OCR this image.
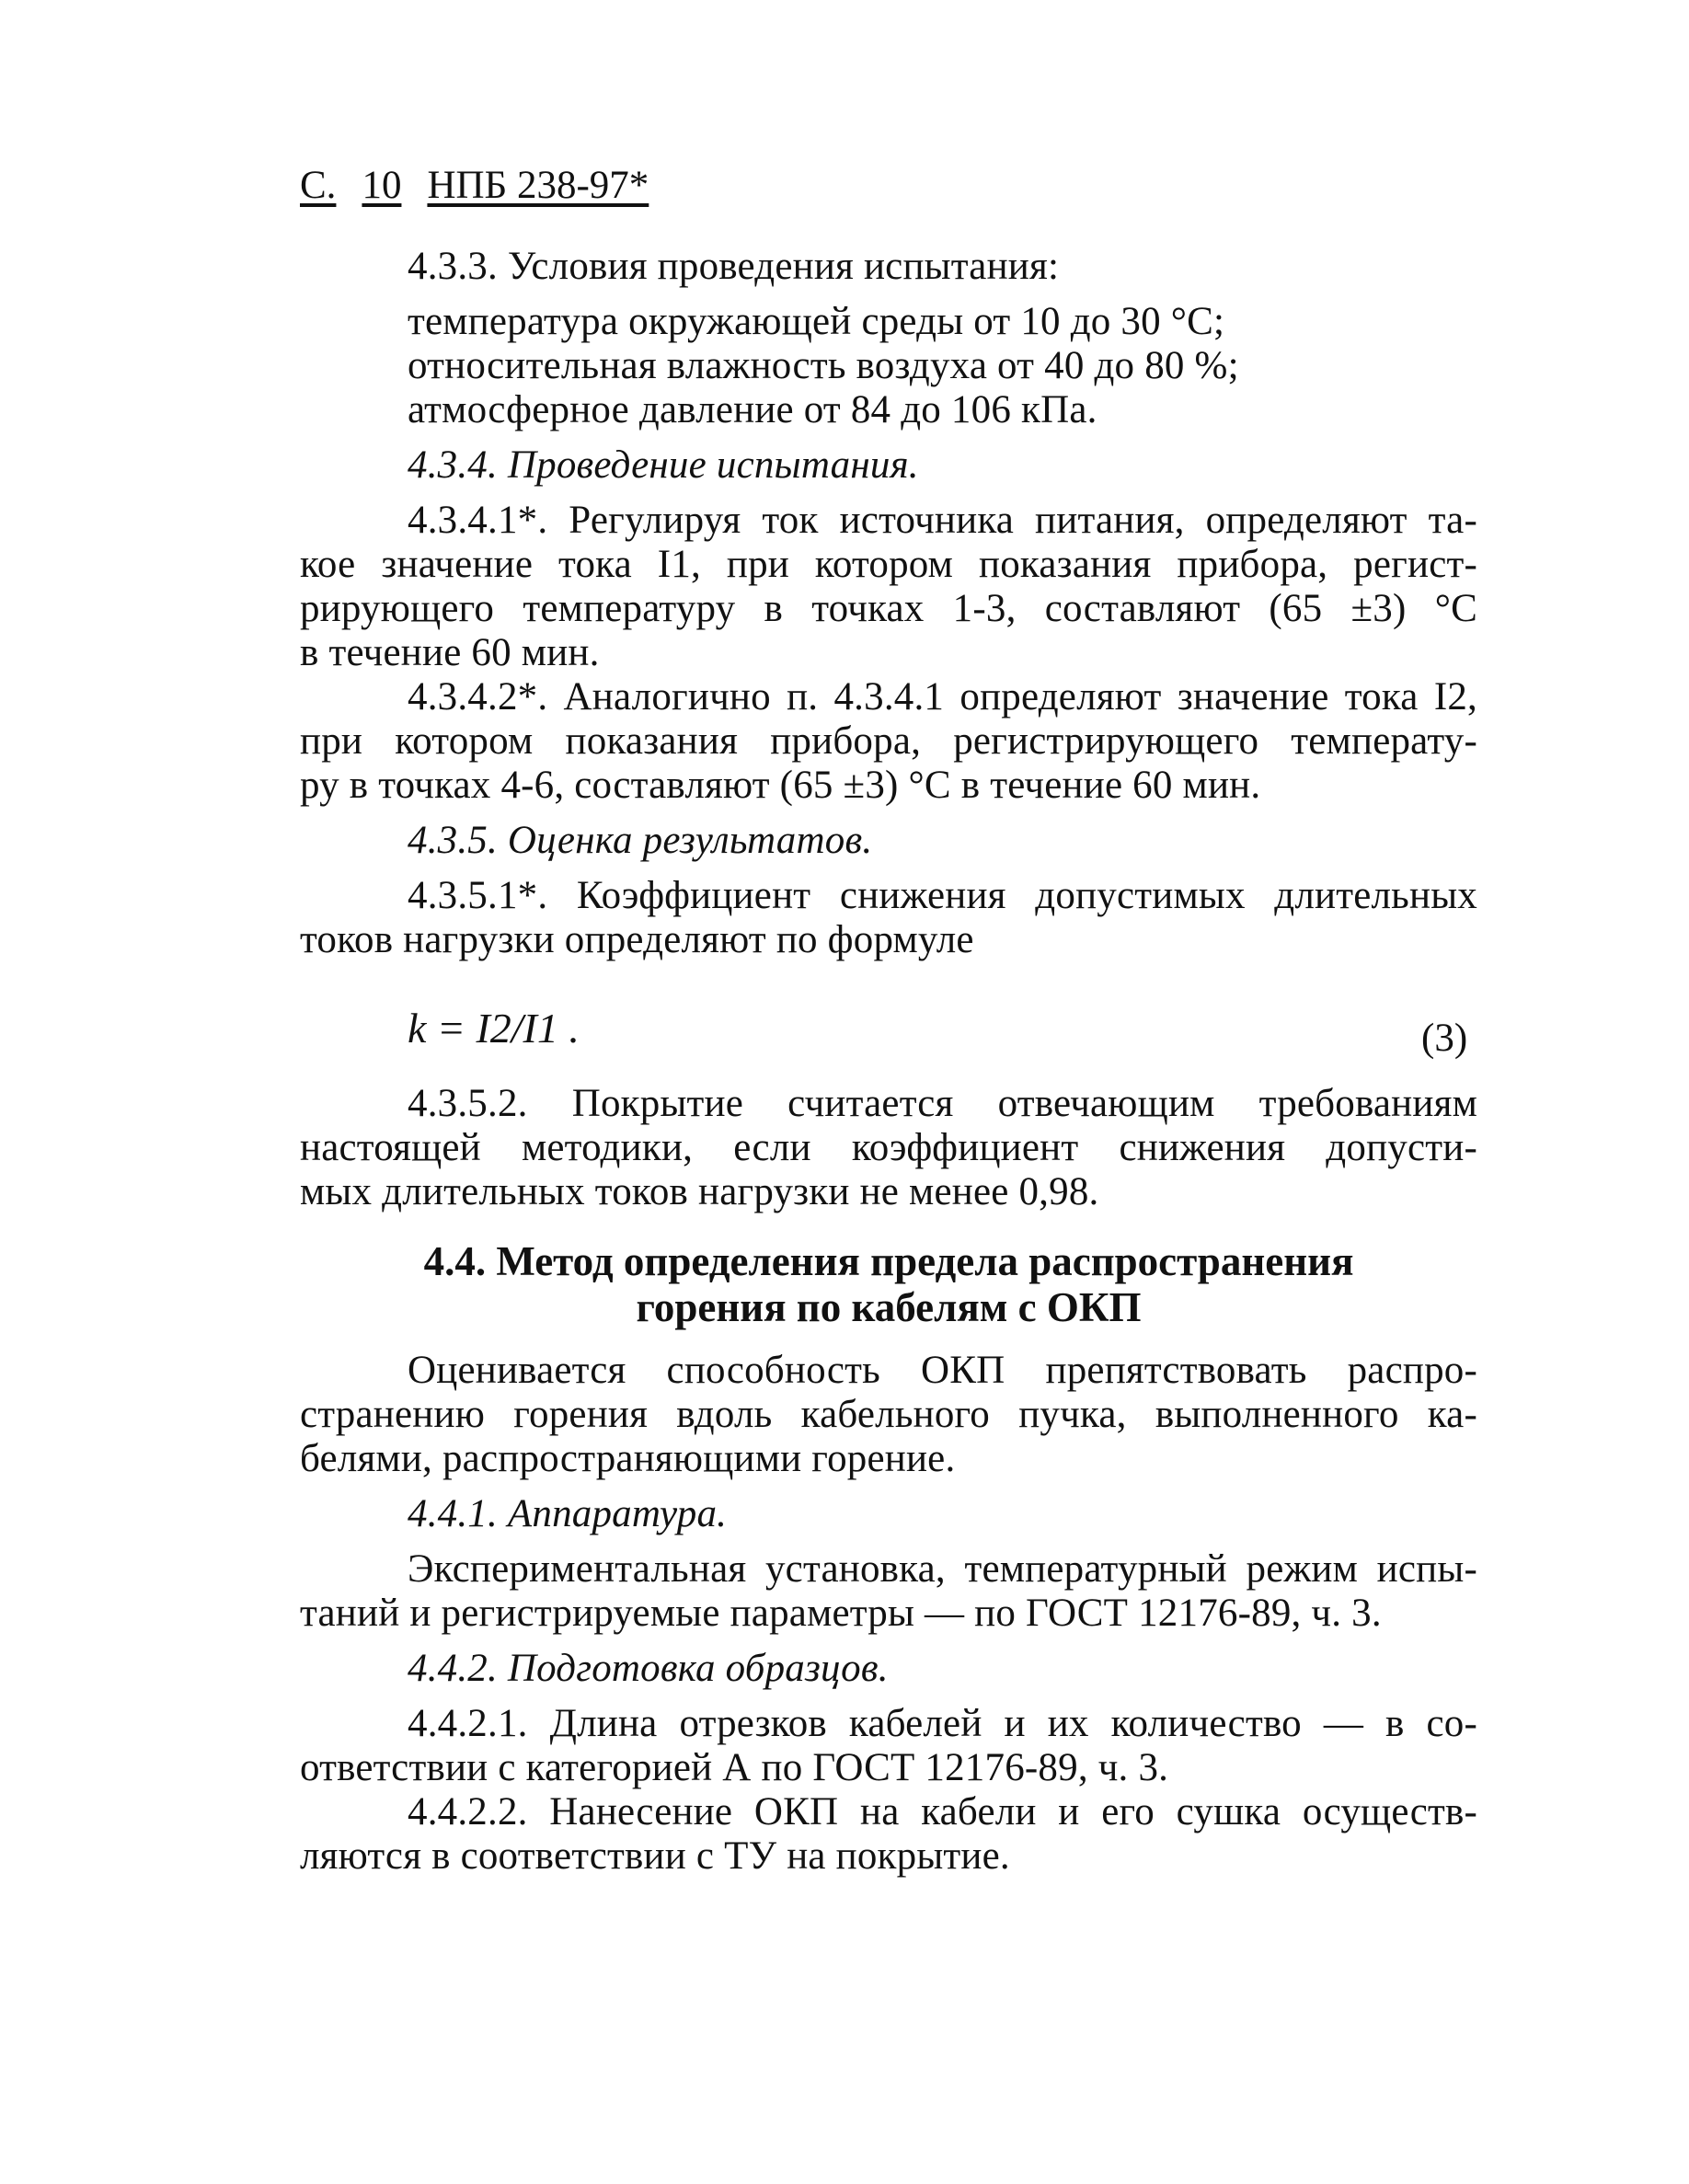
С. 10 НПБ 238-97*
4.3.3. Условия проведения испытания:
температура окружающей среды от 10 до 30 °С;
относительная влажность воздуха от 40 до 80 %;
атмосферное давление от 84 до 106 кПа.
4.3.4. Проведение испытания.
4.3.4.1*. Регулируя ток источника питания, определяют та-
кое значение тока I1, при котором показания прибора, регист-
рирующего температуру в точках 1-3, составляют (65 ±3) °С
в течение 60 мин.
4.3.4.2*. Аналогично п. 4.3.4.1 определяют значение тока I2,
при котором показания прибора, регистрирующего температу-
ру в точках 4-6, составляют (65 ±3) °С в течение 60 мин.
4.3.5. Оценка результатов.
4.3.5.1*. Коэффициент снижения допустимых длительных
токов нагрузки определяют по формуле
k = I2/I1 .	(3)
4.3.5.2. Покрытие считается отвечающим требованиям
настоящей методики, если коэффициент снижения допусти-
мых длительных токов нагрузки не менее 0,98.
4.4. Метод определения предела распространения
горения по кабелям с ОКП
Оценивается способность ОКП препятствовать распро-
странению горения вдоль кабельного пучка, выполненного ка-
белями, распространяющими горение.
4.4.1. Аппаратура.
Экспериментальная установка, температурный режим испы-
таний и регистрируемые параметры — по ГОСТ 12176-89, ч. 3.
4.4.2. Подготовка образцов.
4.4.2.1. Длина отрезков кабелей и их количество — в со-
ответствии с категорией А по ГОСТ 12176-89, ч. 3.
4.4.2.2. Нанесение ОКП на кабели и его сушка осуществ-
ляются в соответствии с ТУ на покрытие.
